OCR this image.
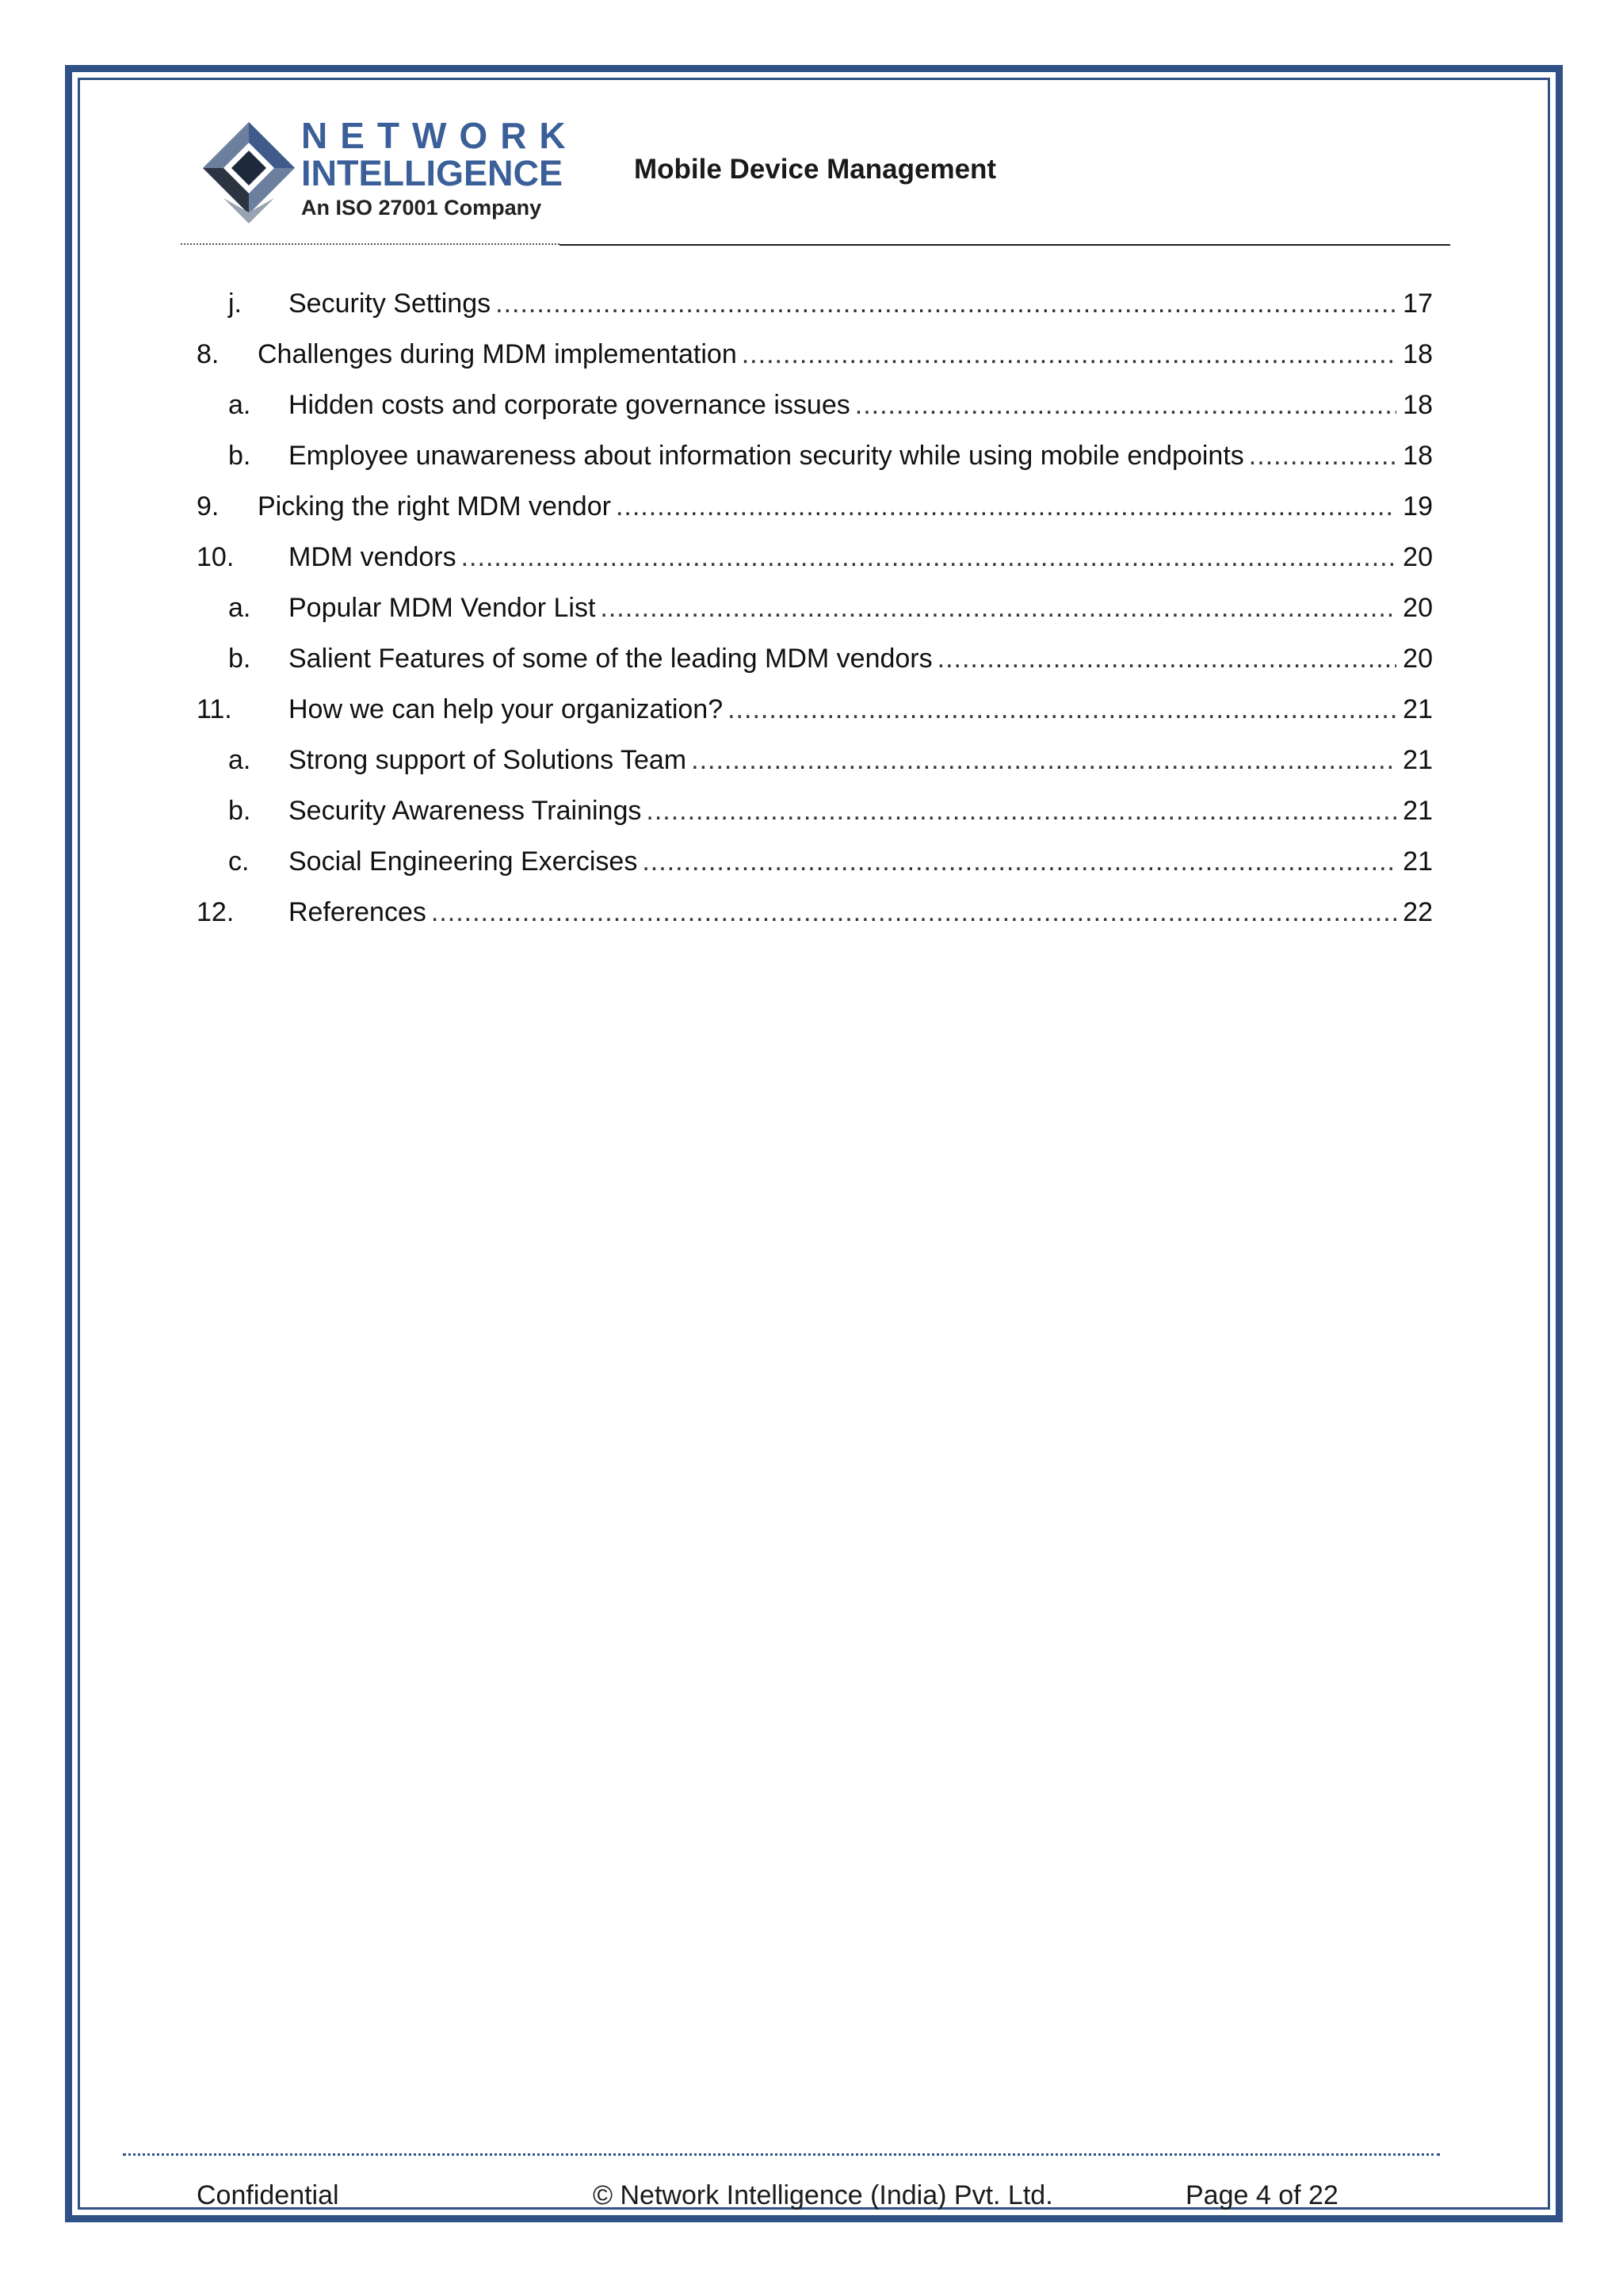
NETWORK
INTELLIGENCE
An ISO 27001 Company
Mobile Device Management
j.	Security Settings .....	17
8.	Challenges during MDM implementation .....	18
a.	Hidden costs and corporate governance issues .....	18
b.	Employee unawareness about information security while using mobile endpoints .....	18
9.	Picking the right MDM vendor .....	19
10.	MDM vendors .....	20
a.	Popular MDM Vendor List .....	20
b.	Salient Features of some of the leading MDM vendors .....	20
11.	How we can help your organization? .....	21
a.	Strong support of Solutions Team .....	21
b.	Security Awareness Trainings .....	21
c.	Social Engineering Exercises .....	21
12.	References .....	22
Confidential	© Network Intelligence (India) Pvt. Ltd.	Page 4 of 22
